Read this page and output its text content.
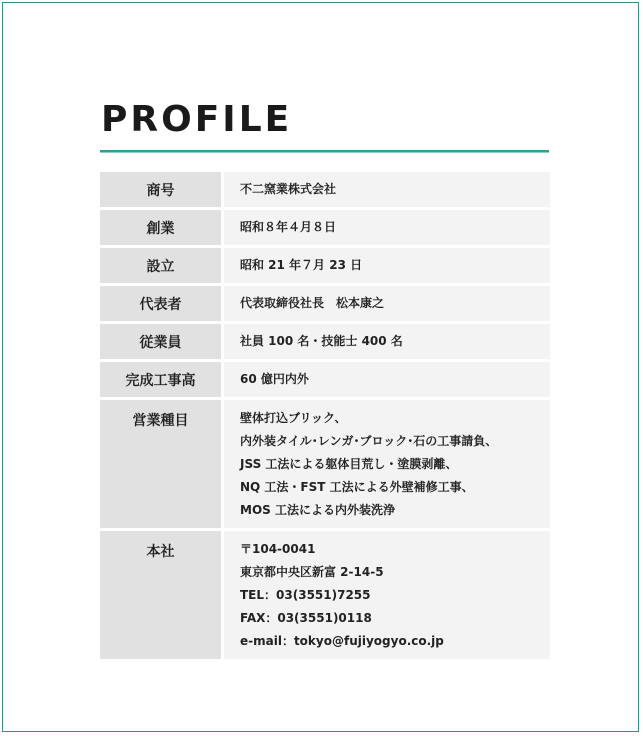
PROFILE
商号	不二窯業株式会社

創業	昭和８年４月８日

設立	昭和 21 年７月 23 日

代表者	代表取締役社長　松本康之

従業員	社員 100 名・技能士 400 名

完成工事高	60 億円内外

営業種目	壁体打込ブリック、
内外装タイル･レンガ･ブロック･石の工事請負、
JSS 工法による躯体目荒し・塗膜剥離、
NQ 工法・FST 工法による外壁補修工事、
MOS 工法による内外装洗浄

本社	〒104-0041
東京都中央区新富 2-14-5
TEL：03(3551)7255
FAX：03(3551)0118
e-mail：tokyo@fujiyogyo.co.jp
